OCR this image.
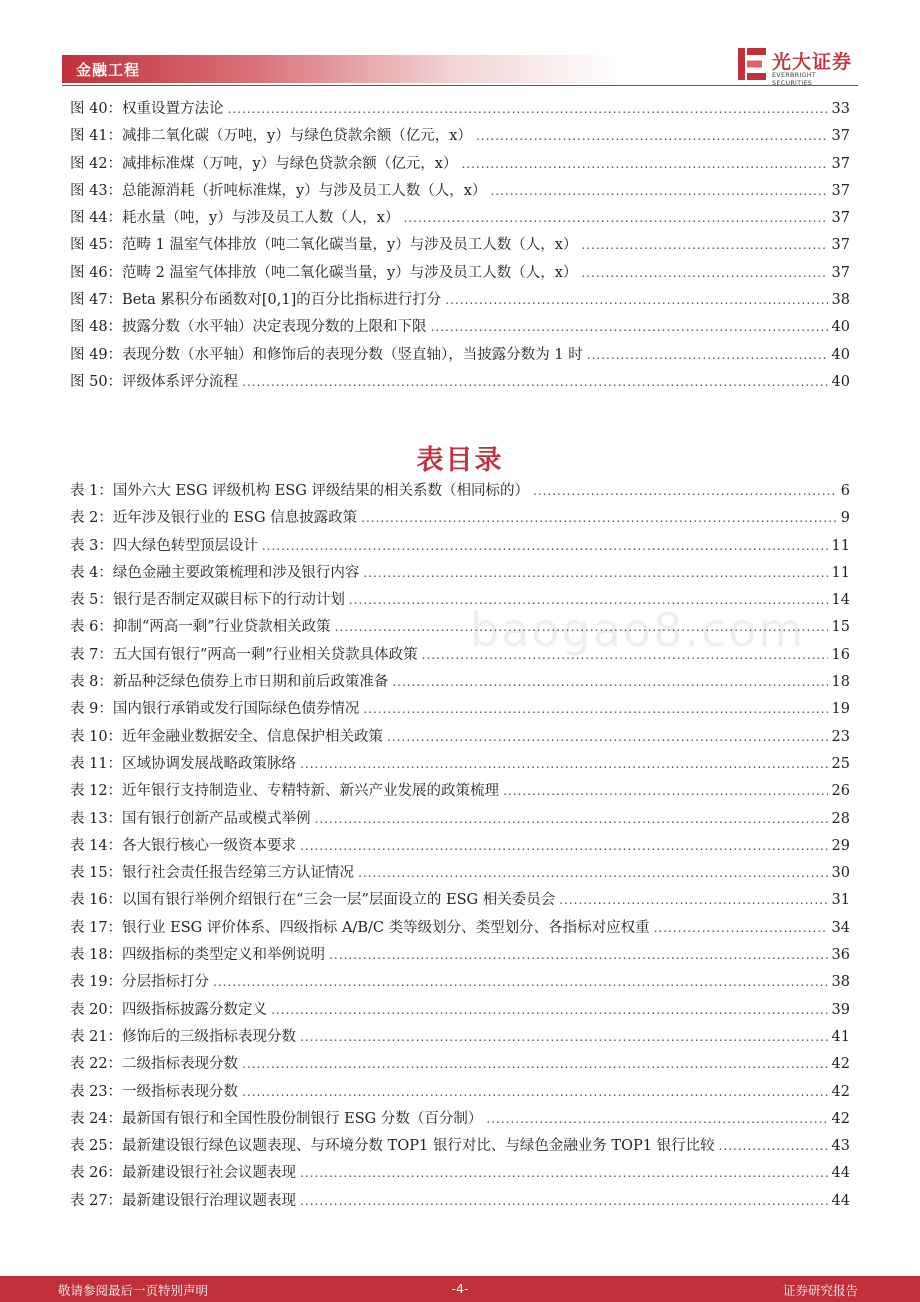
金融工程	光大证券
EVERBRIGHT SECURITIES
图 40：权重设置方法论 .....	33
图 41：减排二氧化碳（万吨，y）与绿色贷款余额（亿元，x） .....	37
图 42：减排标准煤（万吨，y）与绿色贷款余额（亿元，x） .....	37
图 43：总能源消耗（折吨标准煤，y）与涉及员工人数（人，x） .....	37
图 44：耗水量（吨，y）与涉及员工人数（人，x） .....	37
图 45：范畴 1 温室气体排放（吨二氧化碳当量，y）与涉及员工人数（人，x） .....	37
图 46：范畴 2 温室气体排放（吨二氧化碳当量，y）与涉及员工人数（人，x） .....	37
图 47：Beta 累积分布函数对[0,1]的百分比指标进行打分 .....	38
图 48：披露分数（水平轴）决定表现分数的上限和下限 .....	40
图 49：表现分数（水平轴）和修饰后的表现分数（竖直轴），当披露分数为 1 时 .....	40
图 50：评级体系评分流程 .....	40
表目录
表 1：国外六大 ESG 评级机构 ESG 评级结果的相关系数（相同标的） .....	6
表 2：近年涉及银行业的 ESG 信息披露政策 .....	9
表 3：四大绿色转型顶层设计 .....	11
表 4：绿色金融主要政策梳理和涉及银行内容 .....	11
表 5：银行是否制定双碳目标下的行动计划 .....	14
表 6：抑制“两高一剩”行业贷款相关政策 .....	15
表 7：五大国有银行“两高一剩”行业相关贷款具体政策 .....	16
表 8：新品种泛绿色债券上市日期和前后政策准备 .....	18
表 9：国内银行承销或发行国际绿色债券情况 .....	19
表 10：近年金融业数据安全、信息保护相关政策 .....	23
表 11：区域协调发展战略政策脉络 .....	25
表 12：近年银行支持制造业、专精特新、新兴产业发展的政策梳理 .....	26
表 13：国有银行创新产品或模式举例 .....	28
表 14：各大银行核心一级资本要求 .....	29
表 15：银行社会责任报告经第三方认证情况 .....	30
表 16：以国有银行举例介绍银行在“三会一层”层面设立的 ESG 相关委员会 .....	31
表 17：银行业 ESG 评价体系、四级指标 A/B/C 类等级划分、类型划分、各指标对应权重 .....	34
表 18：四级指标的类型定义和举例说明 .....	36
表 19：分层指标打分 .....	38
表 20：四级指标披露分数定义 .....	39
表 21：修饰后的三级指标表现分数 .....	41
表 22：二级指标表现分数 .....	42
表 23：一级指标表现分数 .....	42
表 24：最新国有银行和全国性股份制银行 ESG 分数（百分制） .....	42
表 25：最新建设银行绿色议题表现、与环境分数 TOP1 银行对比、与绿色金融业务 TOP1 银行比较 .....	43
表 26：最新建设银行社会议题表现 .....	44
表 27：最新建设银行治理议题表现 .....	44
baogao8.com
敬请参阅最后一页特别声明	-4-	证券研究报告
